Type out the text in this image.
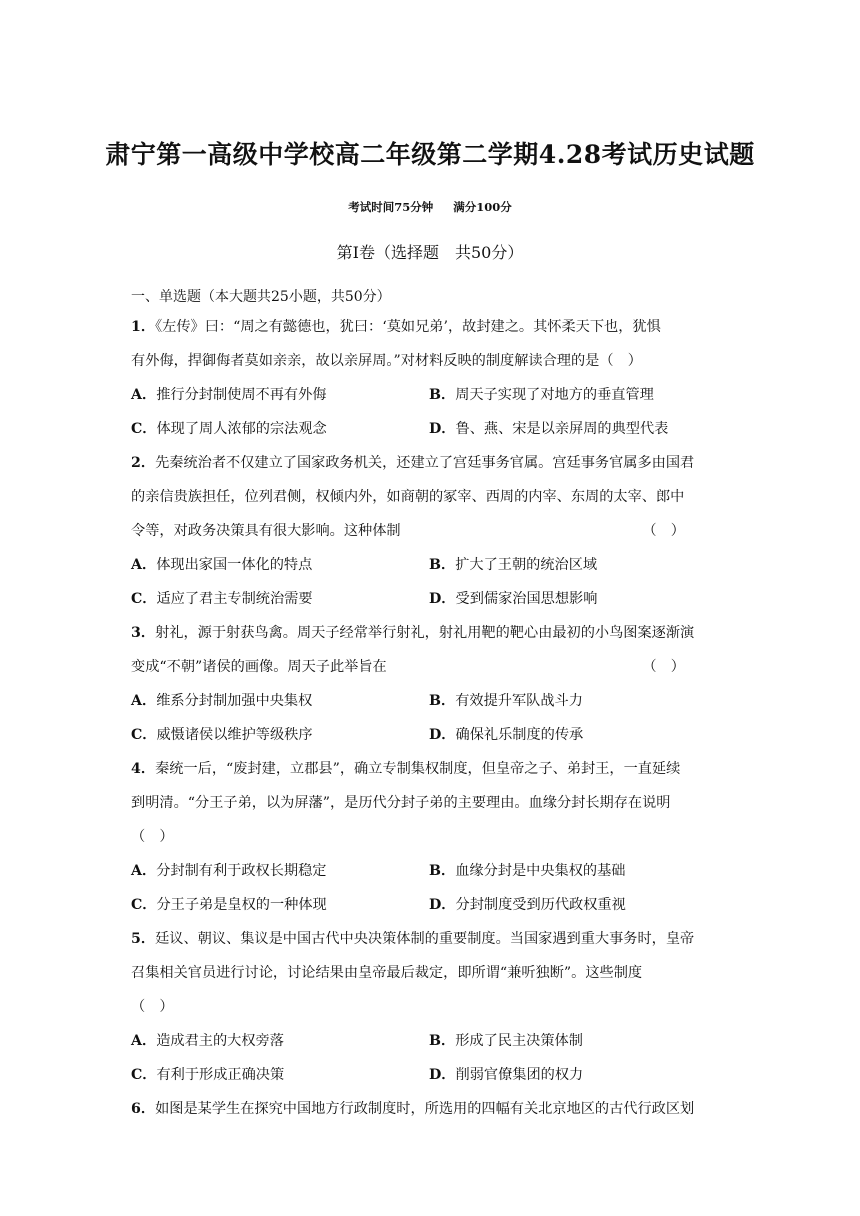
肃宁第一高级中学校高二年级第二学期4.28考试历史试题
考试时间75分钟 满分100分
第Ⅰ卷（选择题　共50分）
一、单选题（本大题共25小题，共50分）
1．《左传》曰：“周之有懿德也，犹曰：‘莫如兄弟’，故封建之。其怀柔天下也，犹惧
有外侮，捍御侮者莫如亲亲，故以亲屏周。”对材料反映的制度解读合理的是（　）
A．推行分封制使周不再有外侮	B．周天子实现了对地方的垂直管理
C．体现了周人浓郁的宗法观念	D．鲁、燕、宋是以亲屏周的典型代表
2．先秦统治者不仅建立了国家政务机关，还建立了宫廷事务官属。宫廷事务官属多由国君
的亲信贵族担任，位列君侧，权倾内外，如商朝的冢宰、西周的内宰、东周的太宰、郎中
令等，对政务决策具有很大影响。这种体制	（　）
A．体现出家国一体化的特点	B．扩大了王朝的统治区域
C．适应了君主专制统治需要	D．受到儒家治国思想影响
3．射礼，源于射获鸟禽。周天子经常举行射礼，射礼用靶的靶心由最初的小鸟图案逐渐演
变成“不朝”诸侯的画像。周天子此举旨在	（　）
A．维系分封制加强中央集权	B．有效提升军队战斗力
C．威慑诸侯以维护等级秩序	D．确保礼乐制度的传承
4．秦统一后，“废封建，立郡县”，确立专制集权制度，但皇帝之子、弟封王，一直延续
到明清。“分王子弟，以为屏藩”，是历代分封子弟的主要理由。血缘分封长期存在说明
（　）
A．分封制有利于政权长期稳定	B．血缘分封是中央集权的基础
C．分王子弟是皇权的一种体现	D．分封制度受到历代政权重视
5．廷议、朝议、集议是中国古代中央决策体制的重要制度。当国家遇到重大事务时，皇帝
召集相关官员进行讨论，讨论结果由皇帝最后裁定，即所谓“兼听独断”。这些制度
（　）
A．造成君主的大权旁落	B．形成了民主决策体制
C．有利于形成正确决策	D．削弱官僚集团的权力
6．如图是某学生在探究中国地方行政制度时，所选用的四幅有关北京地区的古代行政区划
